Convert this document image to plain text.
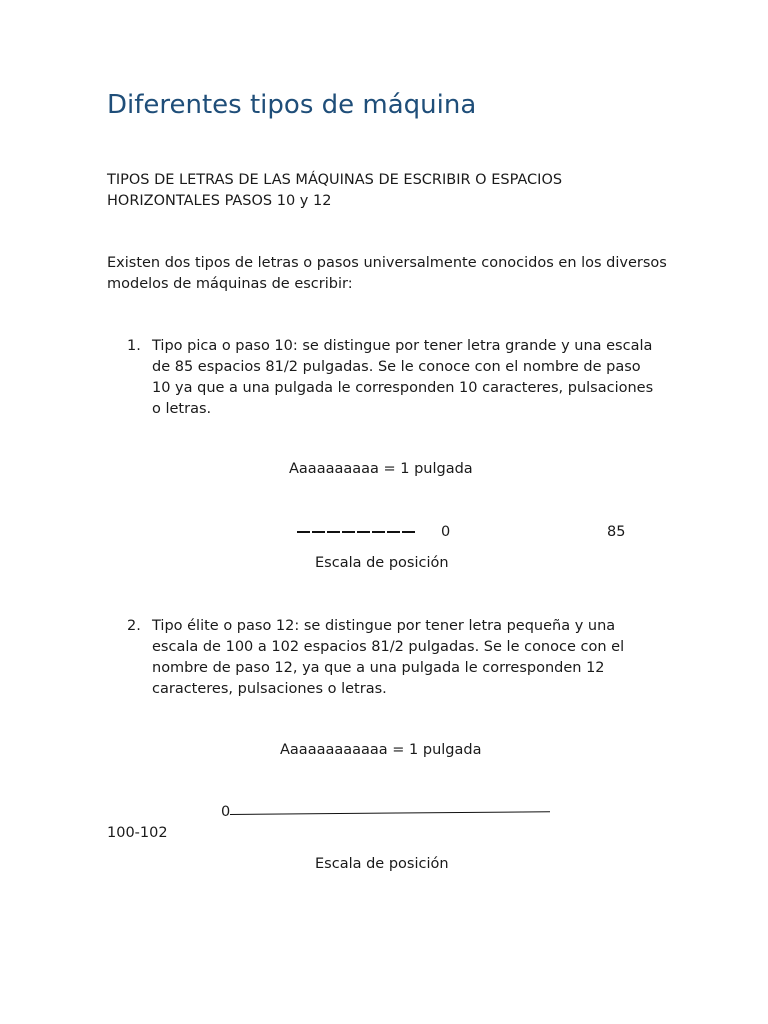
Diferentes tipos de máquina

TIPOS DE LETRAS DE LAS MÁQUINAS DE ESCRIBIR O ESPACIOS HORIZONTALES PASOS 10 y 12

Existen dos tipos de letras o pasos universalmente conocidos en los diversos modelos de máquinas de escribir:

1. Tipo pica o paso 10: se distingue por tener letra grande y una escala de 85 espacios 81/2 pulgadas. Se le conoce con el nombre de paso 10 ya que a una pulgada le corresponden 10 caracteres, pulsaciones o letras.
Aaaaaaaaaa = 1 pulgada
0	85
Escala de posición
2. Tipo élite o paso 12: se distingue por tener letra pequeña y una escala de 100 a 102 espacios 81/2 pulgadas. Se le conoce con el nombre de paso 12, ya que a una pulgada le corresponden 12 caracteres, pulsaciones o letras.
Aaaaaaaaaaaa = 1 pulgada
0
100-102
Escala de posición
